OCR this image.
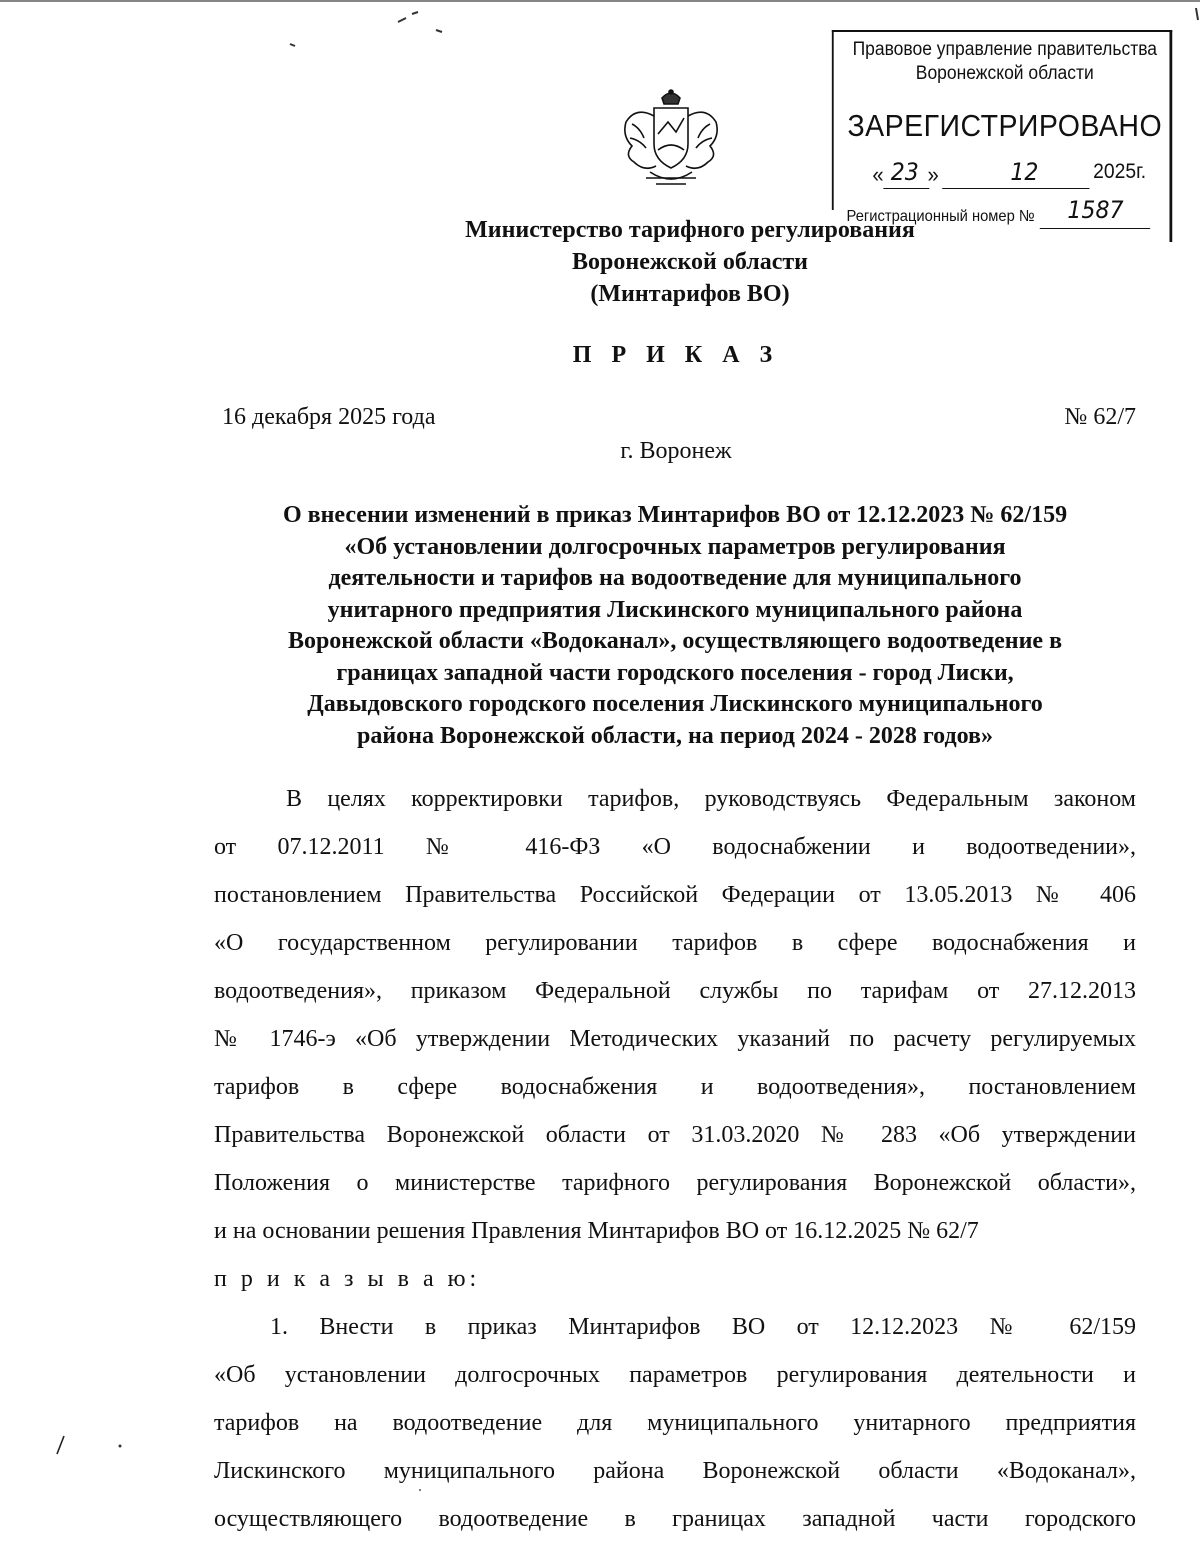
Правовое управление правительства
Воронежской области
ЗАРЕГИСТРИРОВАНО
« 23 »	12	2025г.
Регистрационный номер № 1587
Министерство тарифного регулирования
Воронежской области
(Минтарифов ВО)
П Р И К А З
16 декабря 2025 года	№ 62/7
г. Воронеж
О внесении изменений в приказ Минтарифов ВО от 12.12.2023 № 62/159
«Об установлении долгосрочных параметров регулирования
деятельности и тарифов на водоотведение для муниципального
унитарного предприятия Лискинского муниципального района
Воронежской области «Водоканал», осуществляющего водоотведение в
границах западной части городского поселения - город Лиски,
Давыдовского городского поселения Лискинского муниципального
района Воронежской области, на период 2024 - 2028 годов»
В целях корректировки тарифов, руководствуясь Федеральным законом
от 07.12.2011 № 416-ФЗ «О водоснабжении и водоотведении»,
постановлением Правительства Российской Федерации от 13.05.2013 № 406
«О государственном регулировании тарифов в сфере водоснабжения и
водоотведения», приказом Федеральной службы по тарифам от 27.12.2013
№ 1746-э «Об утверждении Методических указаний по расчету регулируемых
тарифов в сфере водоснабжения и водоотведения», постановлением
Правительства Воронежской области от 31.03.2020 № 283 «Об утверждении
Положения о министерстве тарифного регулирования Воронежской области»,
и на основании решения Правления Минтарифов ВО от 16.12.2025 № 62/7
п р и к а з ы в а ю:
1. Внести в приказ Минтарифов ВО от 12.12.2023 № 62/159
«Об установлении долгосрочных параметров регулирования деятельности и
тарифов на водоотведение для муниципального унитарного предприятия
Лискинского муниципального района Воронежской области «Водоканал»,
осуществляющего водоотведение в границах западной части городского
